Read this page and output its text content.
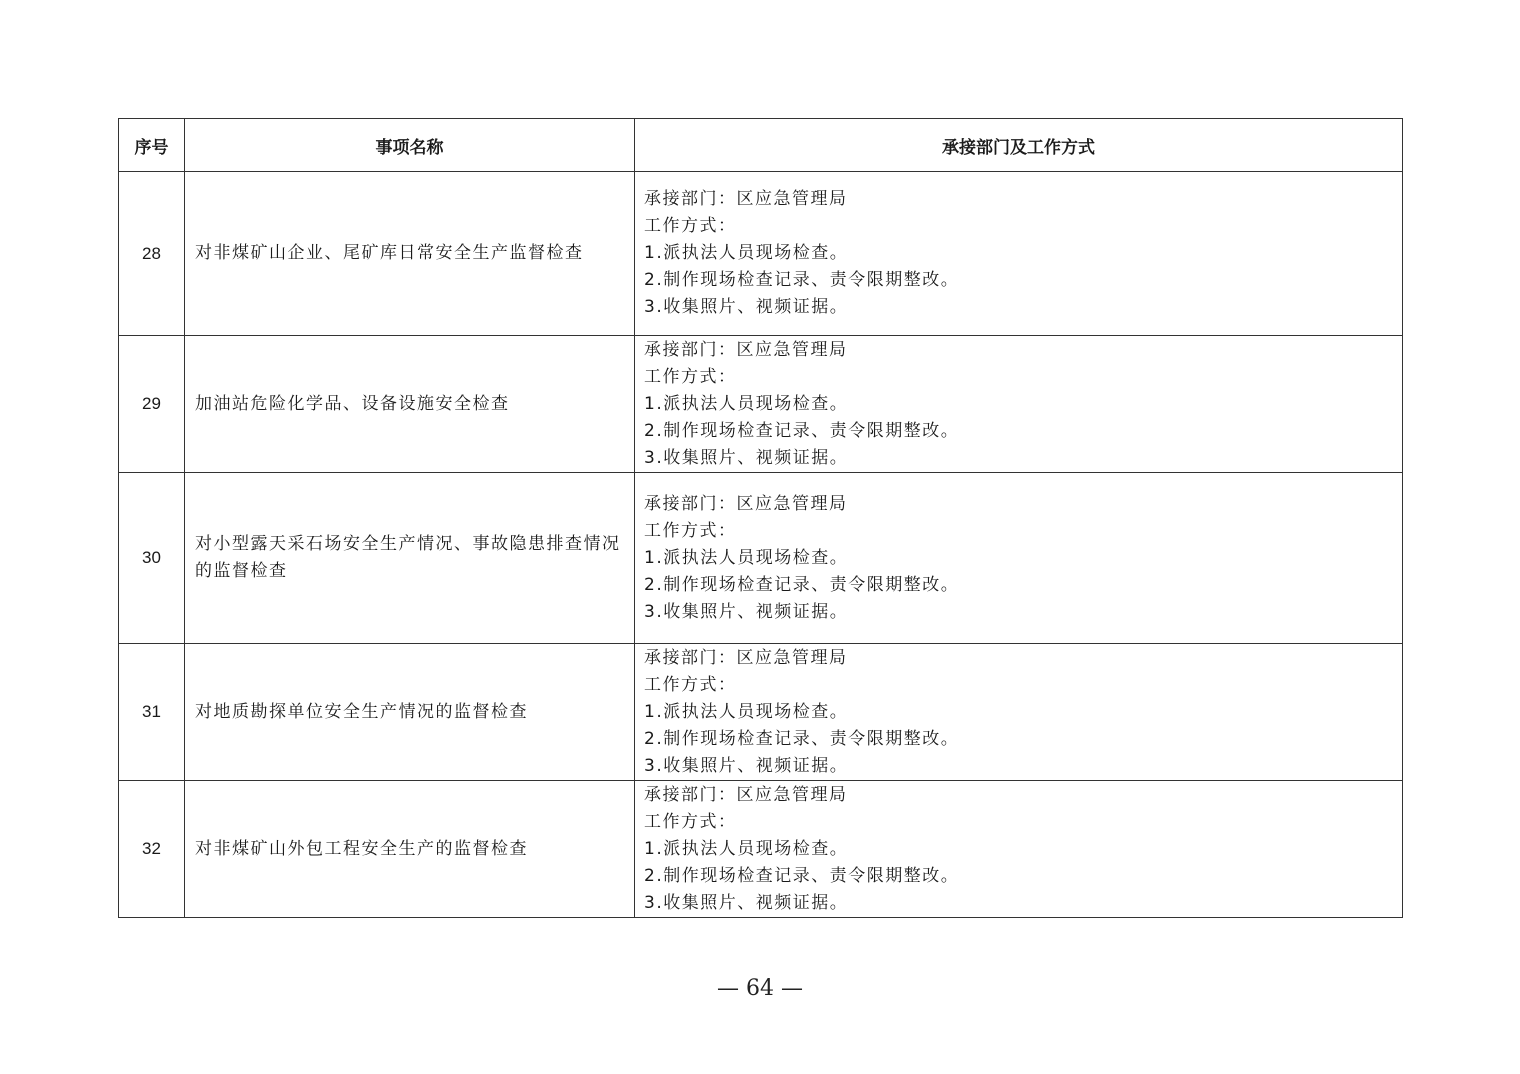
序号	事项名称	承接部门及工作方式
28	对非煤矿山企业、尾矿库日常安全生产监督检查	承接部门：区应急管理局
工作方式：
1.派执法人员现场检查。
2.制作现场检查记录、责令限期整改。
3.收集照片、视频证据。

29	加油站危险化学品、设备设施安全检查	承接部门：区应急管理局
工作方式：
1.派执法人员现场检查。
2.制作现场检查记录、责令限期整改。
3.收集照片、视频证据。

30	对小型露天采石场安全生产情况、事故隐患排查情况的监督检查	承接部门：区应急管理局
工作方式：
1.派执法人员现场检查。
2.制作现场检查记录、责令限期整改。
3.收集照片、视频证据。

31	对地质勘探单位安全生产情况的监督检查	承接部门：区应急管理局
工作方式：
1.派执法人员现场检查。
2.制作现场检查记录、责令限期整改。
3.收集照片、视频证据。

32	对非煤矿山外包工程安全生产的监督检查	承接部门：区应急管理局
工作方式：
1.派执法人员现场检查。
2.制作现场检查记录、责令限期整改。
3.收集照片、视频证据。
— 64 —
